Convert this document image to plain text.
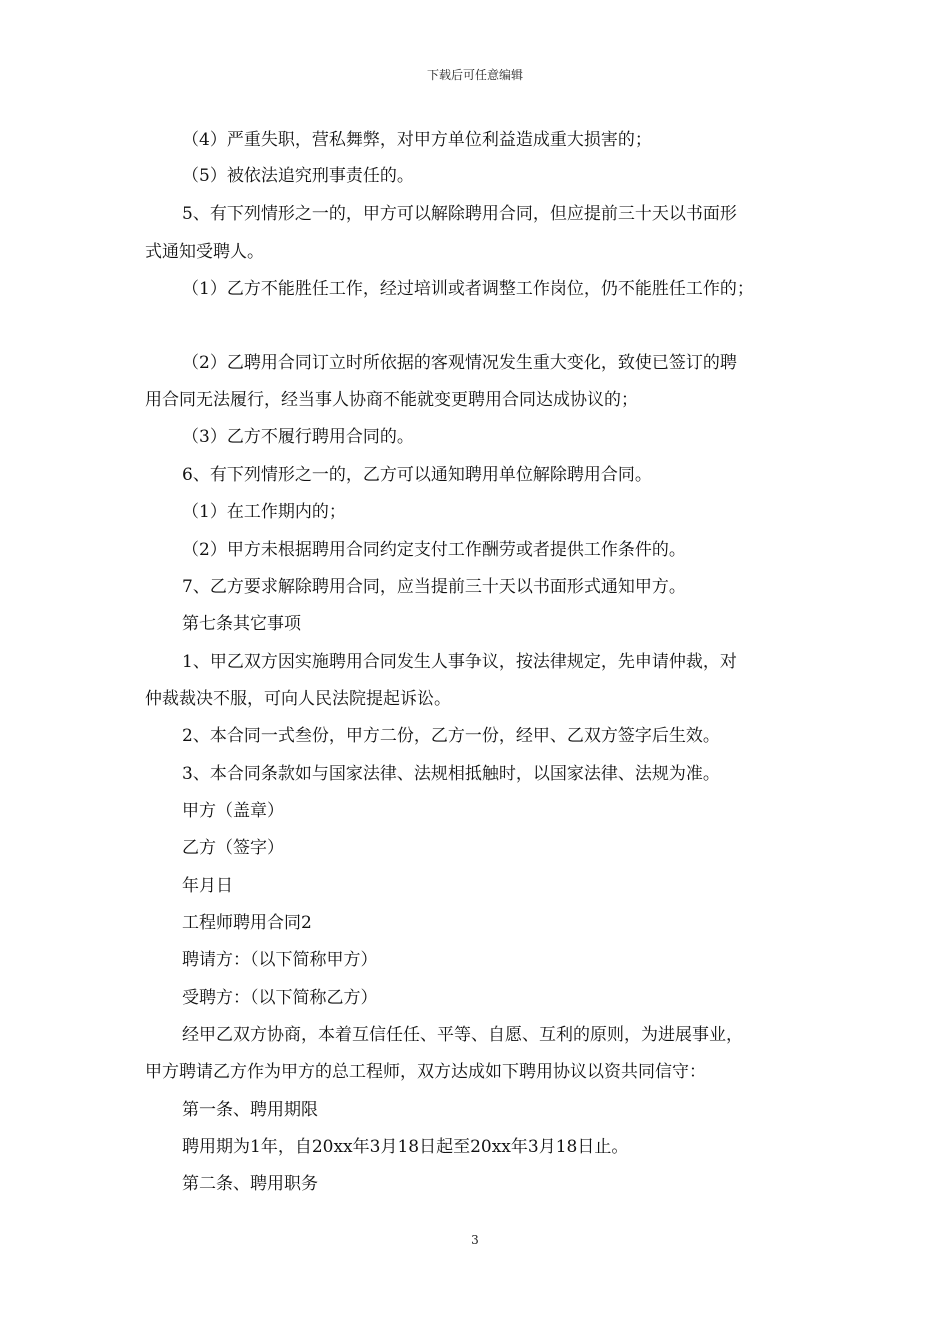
下载后可任意编辑
（4）严重失职，营私舞弊，对甲方单位利益造成重大损害的；
（5）被依法追究刑事责任的。
5、有下列情形之一的，甲方可以解除聘用合同，但应提前三十天以书面形
式通知受聘人。
（1）乙方不能胜任工作，经过培训或者调整工作岗位，仍不能胜任工作的；
（2）乙聘用合同订立时所依据的客观情况发生重大变化，致使已签订的聘
用合同无法履行，经当事人协商不能就变更聘用合同达成协议的；
（3）乙方不履行聘用合同的。
6、有下列情形之一的，乙方可以通知聘用单位解除聘用合同。
（1）在工作期内的；
（2）甲方未根据聘用合同约定支付工作酬劳或者提供工作条件的。
7、乙方要求解除聘用合同，应当提前三十天以书面形式通知甲方。
第七条其它事项
1、甲乙双方因实施聘用合同发生人事争议，按法律规定，先申请仲裁，对
仲裁裁决不服，可向人民法院提起诉讼。
2、本合同一式叁份，甲方二份，乙方一份，经甲、乙双方签字后生效。
3、本合同条款如与国家法律、法规相抵触时，以国家法律、法规为准。
甲方（盖章）
乙方（签字）
年月日
工程师聘用合同2
聘请方：（以下简称甲方）
受聘方：（以下简称乙方）
经甲乙双方协商，本着互信任任、平等、自愿、互利的原则，为进展事业，
甲方聘请乙方作为甲方的总工程师，双方达成如下聘用协议以资共同信守：
第一条、聘用期限
聘用期为1年，自20xx年3月18日起至20xx年3月18日止。
第二条、聘用职务
3
